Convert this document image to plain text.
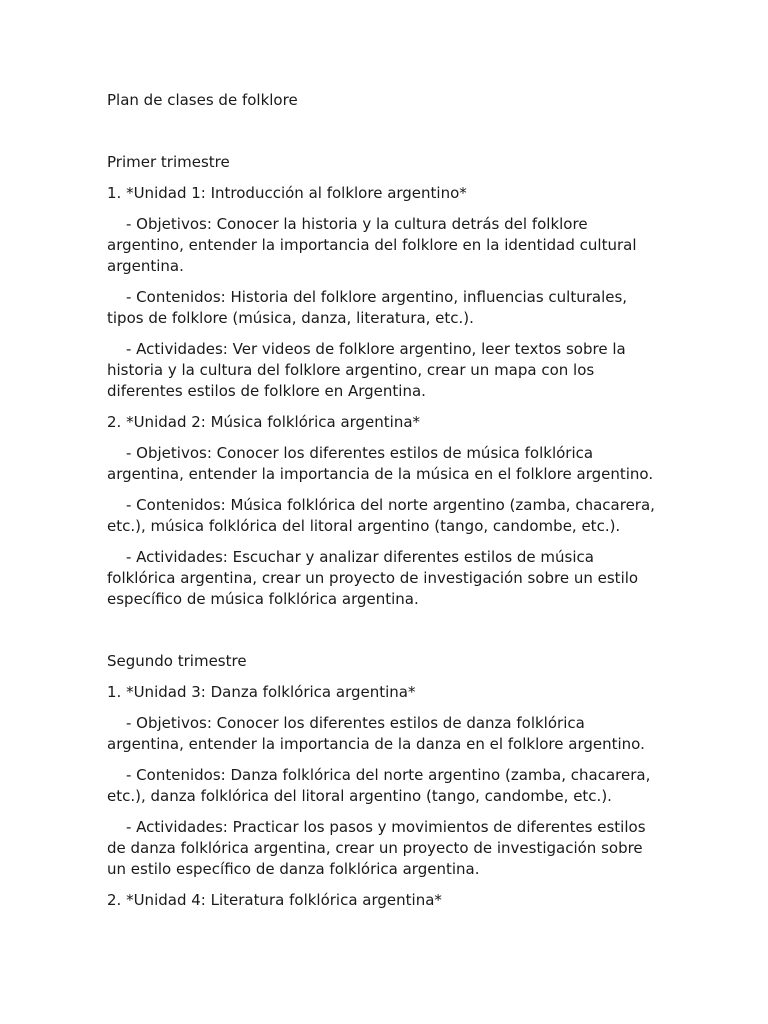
Plan de clases de folklore

Primer trimestre

1. *Unidad 1: Introducción al folklore argentino*

- Objetivos: Conocer la historia y la cultura detrás del folklore argentino, entender la importancia del folklore en la identidad cultural argentina.

- Contenidos: Historia del folklore argentino, influencias culturales, tipos de folklore (música, danza, literatura, etc.).

- Actividades: Ver videos de folklore argentino, leer textos sobre la historia y la cultura del folklore argentino, crear un mapa con los diferentes estilos de folklore en Argentina.

2. *Unidad 2: Música folklórica argentina*

- Objetivos: Conocer los diferentes estilos de música folklórica argentina, entender la importancia de la música en el folklore argentino.

- Contenidos: Música folklórica del norte argentino (zamba, chacarera, etc.), música folklórica del litoral argentino (tango, candombe, etc.).

- Actividades: Escuchar y analizar diferentes estilos de música folklórica argentina, crear un proyecto de investigación sobre un estilo específico de música folklórica argentina.

Segundo trimestre

1. *Unidad 3: Danza folklórica argentina*

- Objetivos: Conocer los diferentes estilos de danza folklórica argentina, entender la importancia de la danza en el folklore argentino.

- Contenidos: Danza folklórica del norte argentino (zamba, chacarera, etc.), danza folklórica del litoral argentino (tango, candombe, etc.).

- Actividades: Practicar los pasos y movimientos de diferentes estilos de danza folklórica argentina, crear un proyecto de investigación sobre un estilo específico de danza folklórica argentina.

2. *Unidad 4: Literatura folklórica argentina*
